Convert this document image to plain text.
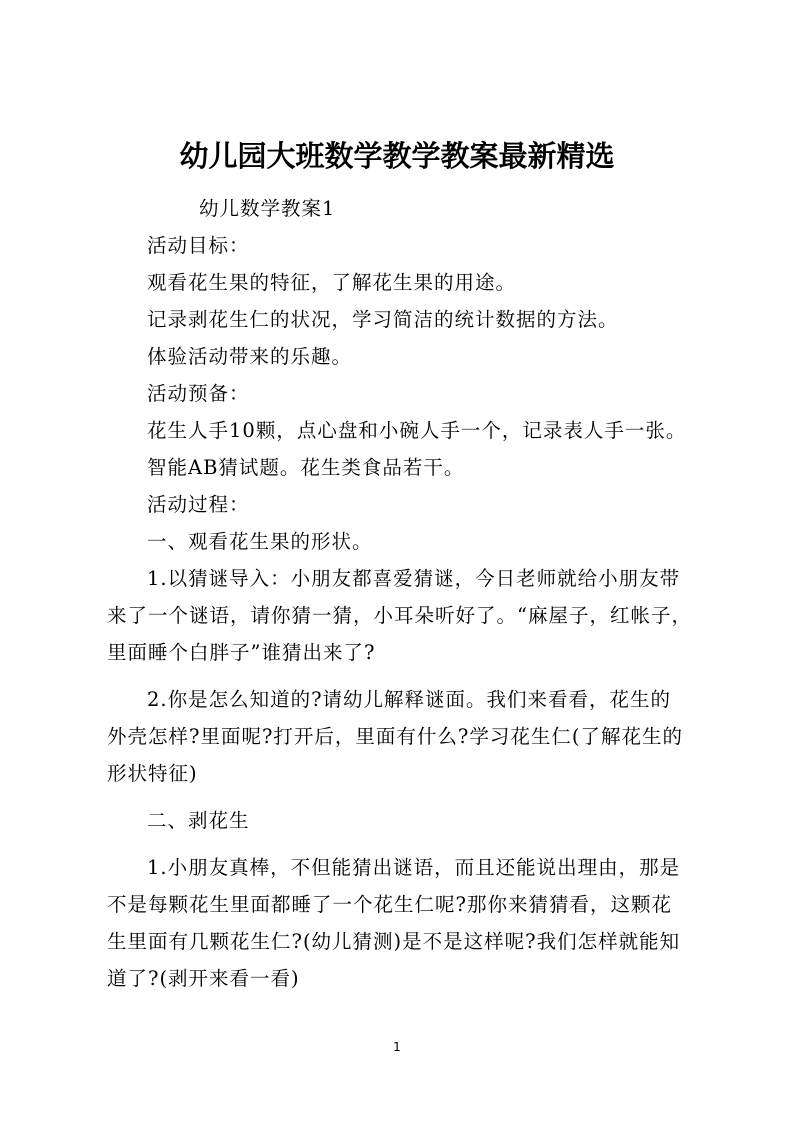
幼儿园大班数学教学教案最新精选

幼儿数学教案1

活动目标：

观看花生果的特征，了解花生果的用途。

记录剥花生仁的状况，学习简洁的统计数据的方法。

体验活动带来的乐趣。

活动预备：

花生人手10颗，点心盘和小碗人手一个，记录表人手一张。

智能AB猜试题。花生类食品若干。

活动过程：

一、观看花生果的形状。

1.以猜谜导入：小朋友都喜爱猜谜，今日老师就给小朋友带

来了一个谜语，请你猜一猜，小耳朵听好了。“麻屋子，红帐子，

里面睡个白胖子”谁猜出来了?

2.你是怎么知道的?请幼儿解释谜面。我们来看看，花生的

外壳怎样?里面呢?打开后，里面有什么?学习花生仁(了解花生的

形状特征)

二、剥花生

1.小朋友真棒，不但能猜出谜语，而且还能说出理由，那是

不是每颗花生里面都睡了一个花生仁呢?那你来猜猜看，这颗花

生里面有几颗花生仁?(幼儿猜测)是不是这样呢?我们怎样就能知

道了?(剥开来看一看)

1
